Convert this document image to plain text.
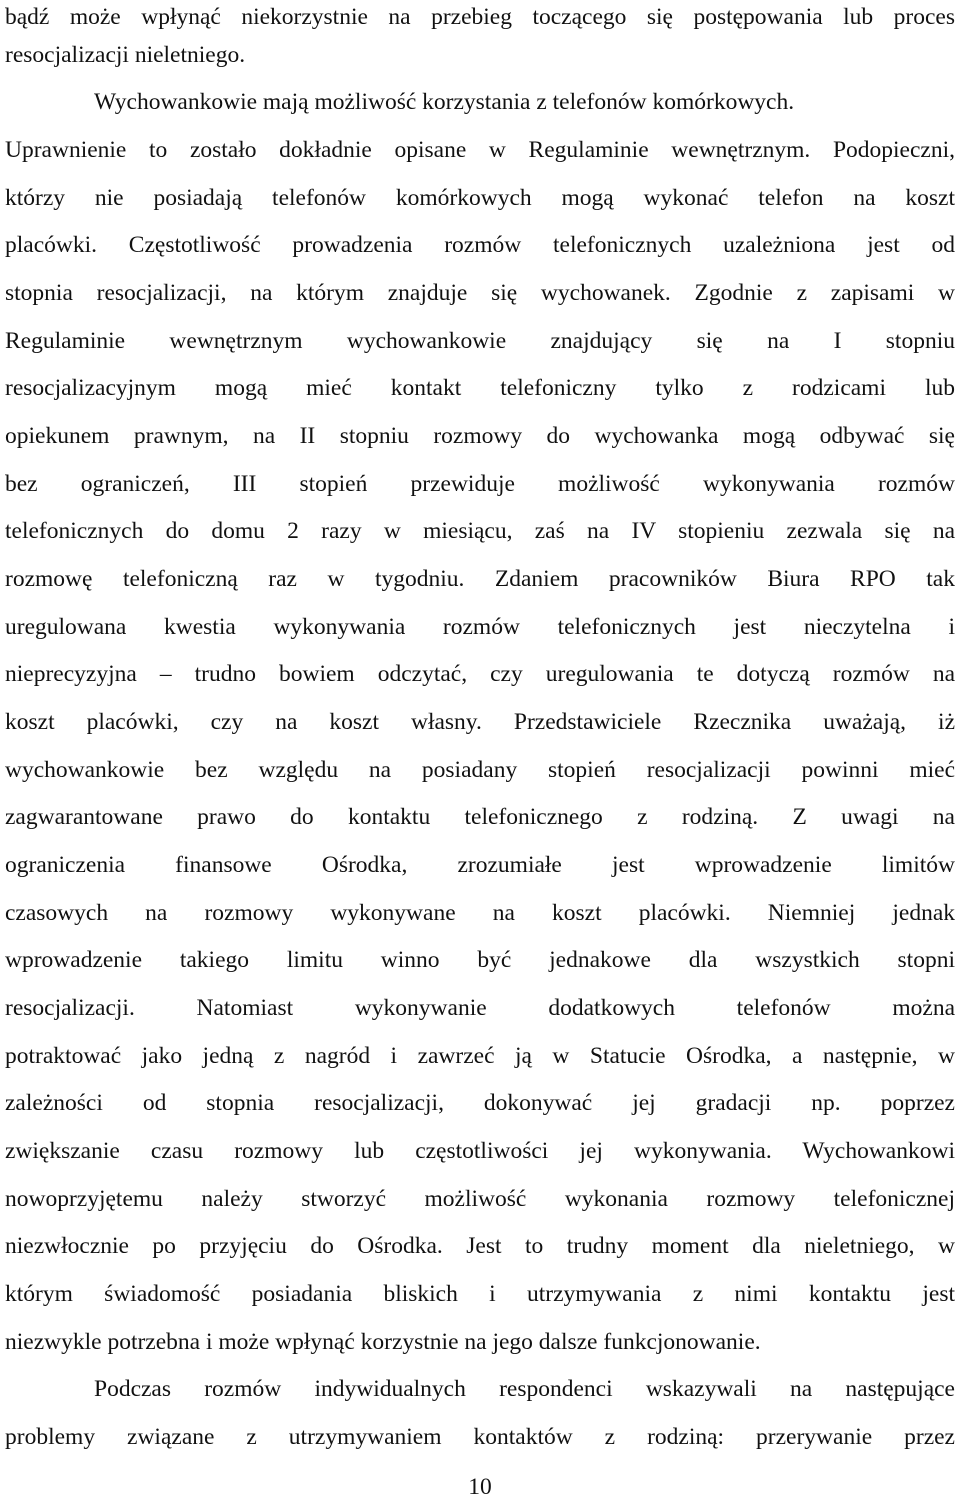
bądź może wpłynąć niekorzystnie na przebieg toczącego się postępowania lub proces
resocjalizacji nieletniego.
Wychowankowie mają możliwość korzystania z telefonów komórkowych.
Uprawnienie to zostało dokładnie opisane w Regulaminie wewnętrznym. Podopieczni,
którzy nie posiadają telefonów komórkowych mogą wykonać telefon na koszt
placówki. Częstotliwość prowadzenia rozmów telefonicznych uzależniona jest od
stopnia resocjalizacji, na którym znajduje się wychowanek. Zgodnie z zapisami w
Regulaminie wewnętrznym wychowankowie znajdujący się na I stopniu
resocjalizacyjnym mogą mieć kontakt telefoniczny tylko z rodzicami lub
opiekunem prawnym, na II stopniu rozmowy do wychowanka mogą odbywać się
bez ograniczeń, III stopień przewiduje możliwość wykonywania rozmów
telefonicznych do domu 2 razy w miesiącu, zaś na IV stopieniu zezwala się na
rozmowę telefoniczną raz w tygodniu. Zdaniem pracowników Biura RPO tak
uregulowana kwestia wykonywania rozmów telefonicznych jest nieczytelna i
nieprecyzyjna – trudno bowiem odczytać, czy uregulowania te dotyczą rozmów na
koszt placówki, czy na koszt własny. Przedstawiciele Rzecznika uważają, iż
wychowankowie bez względu na posiadany stopień resocjalizacji powinni mieć
zagwarantowane prawo do kontaktu telefonicznego z rodziną. Z uwagi na
ograniczenia finansowe Ośrodka, zrozumiałe jest wprowadzenie limitów
czasowych na rozmowy wykonywane na koszt placówki. Niemniej jednak
wprowadzenie takiego limitu winno być jednakowe dla wszystkich stopni
resocjalizacji. Natomiast wykonywanie dodatkowych telefonów można
potraktować jako jedną z nagród i zawrzeć ją w Statucie Ośrodka, a następnie, w
zależności od stopnia resocjalizacji, dokonywać jej gradacji np. poprzez
zwiększanie czasu rozmowy lub częstotliwości jej wykonywania. Wychowankowi
nowoprzyjętemu należy stworzyć możliwość wykonania rozmowy telefonicznej
niezwłocznie po przyjęciu do Ośrodka. Jest to trudny moment dla nieletniego, w
którym świadomość posiadania bliskich i utrzymywania z nimi kontaktu jest
niezwykle potrzebna i może wpłynąć korzystnie na jego dalsze funkcjonowanie.
Podczas rozmów indywidualnych respondenci wskazywali na następujące
problemy związane z utrzymywaniem kontaktów z rodziną: przerywanie przez
10
